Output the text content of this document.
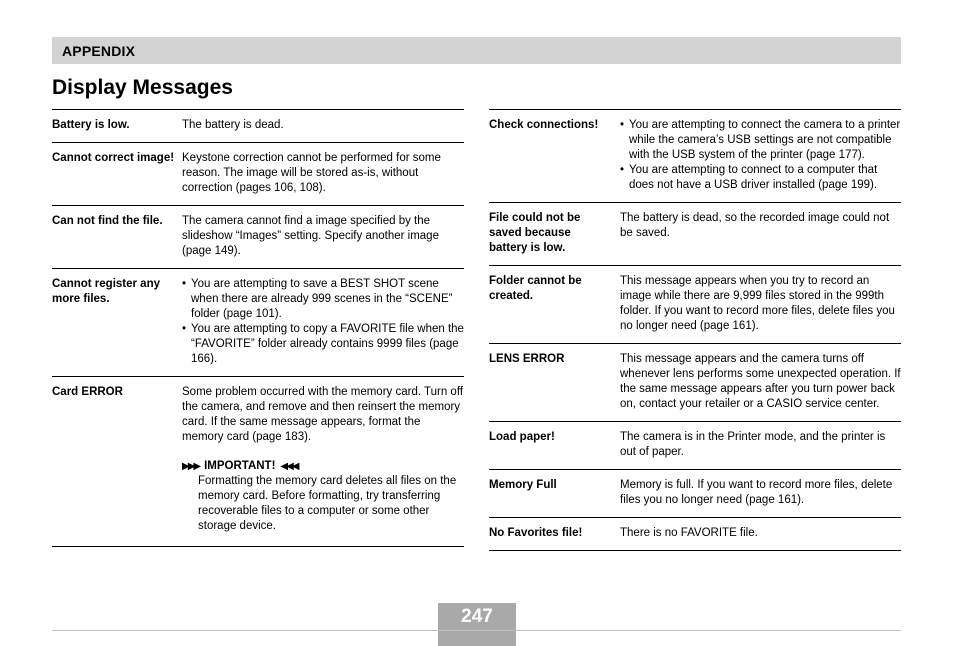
APPENDIX
Display Messages
Battery is low.	The battery is dead.
Cannot correct image! Keystone correction cannot be performed for some reason. The image will be stored as-is, without correction (pages 106, 108).
Can not find the file.	The camera cannot find a image specified by the slideshow “Images” setting. Specify another image (page 149).
Cannot register any more files.
• You are attempting to save a BEST SHOT scene when there are already 999 scenes in the “SCENE” folder (page 101).
• You are attempting to copy a FAVORITE file when the “FAVORITE” folder already contains 9999 files (page 166).
Card ERROR	Some problem occurred with the memory card. Turn off the camera, and remove and then reinsert the memory card. If the same message appears, format the memory card (page 183).
▶▶▶ IMPORTANT! ◀◀◀
Formatting the memory card deletes all files on the memory card. Before formatting, try transferring recoverable files to a computer or some other storage device.
Check connections!
•	You are attempting to connect the camera to a printer while the camera’s USB settings are not compatible with the USB system of the printer (page 177).
• You are attempting to connect to a computer that does not have a USB driver installed (page 199).
File could not be saved because battery is low.
The battery is dead, so the recorded image could not be saved.
Folder cannot be created.
This message appears when you try to record an image while there are 9,999 files stored in the 999th folder. If you want to record more files, delete files you no longer need (page 161).
LENS ERROR	This message appears and the camera turns off whenever lens performs some unexpected operation. If the same message appears after you turn power back on, contact your retailer or a CASIO service center.
Load paper!	The camera is in the Printer mode, and the printer is out of paper.
Memory Full	Memory is full. If you want to record more files, delete files you no longer need (page 161).
No Favorites file!	There is no FAVORITE file.
247
